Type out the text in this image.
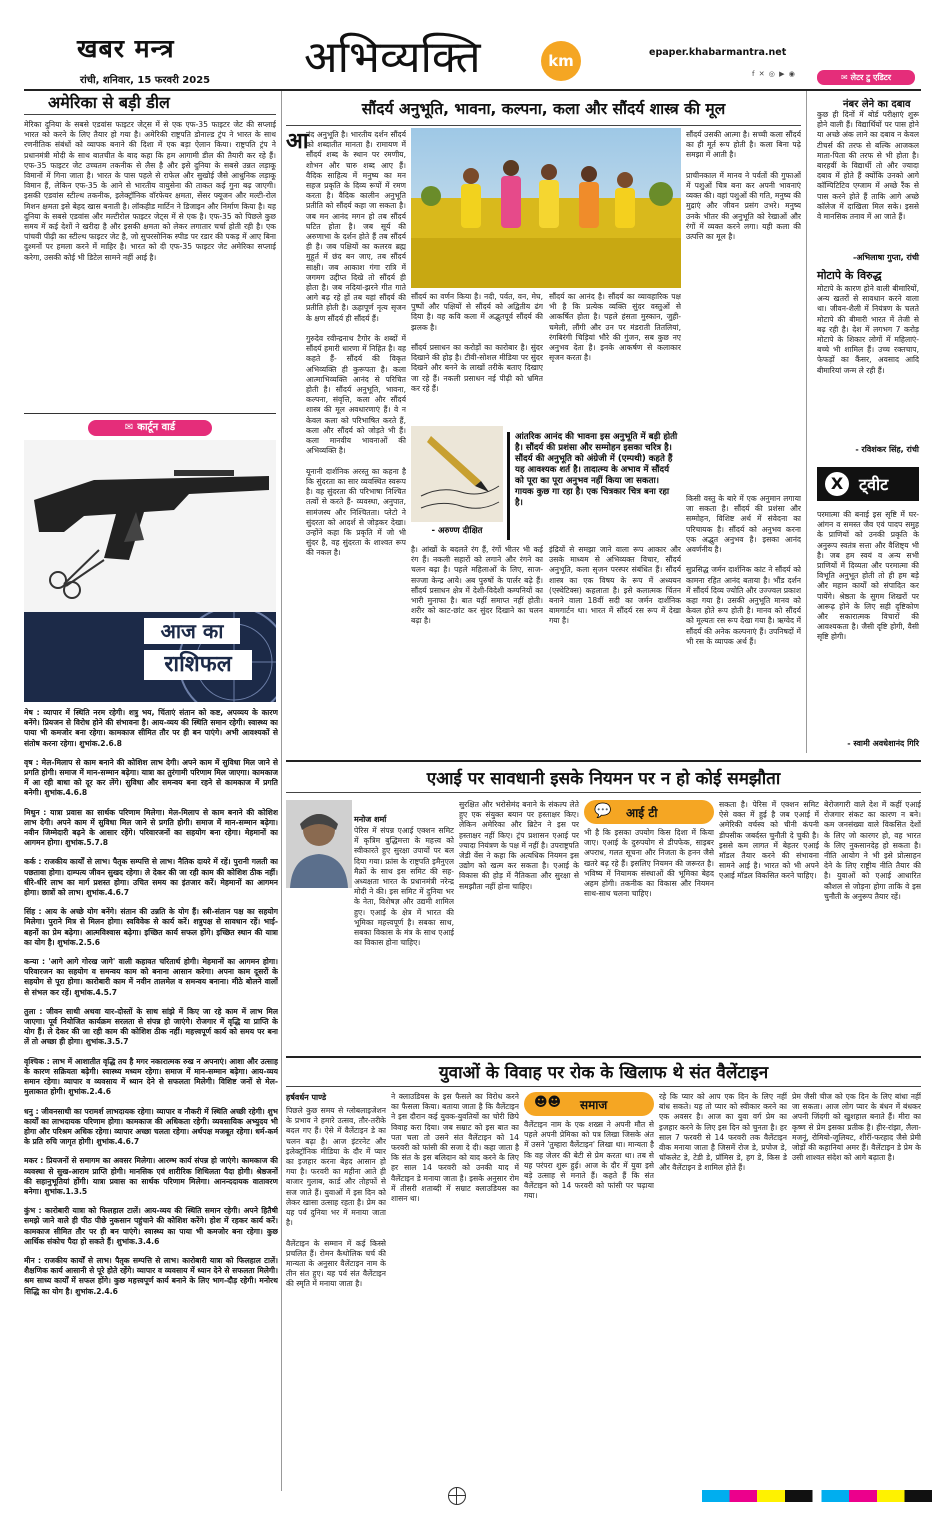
खबर मन्त्र	अभिव्यक्ति	km	epaper.khabarmantra.net
f ✕ ◎ ▶ ◉
रांची, शनिवार, 15 फरवरी 2025
अमेरिका से बड़ी डील
मेरिका दुनिया के सबसे एडवांस फाइटर जेट्स में से एक एफ-35 फाइटर जेट की सप्लाई भारत को करने के लिए तैयार हो गया है। अमेरिकी राष्ट्रपति डोनाल्ड ट्रंप ने भारत के साथ रणनीतिक संबंधों को व्यापक बनाने की दिशा में एक बड़ा ऐलान किया। राष्ट्रपति ट्रंप ने प्रधानमंत्री मोदी के साथ बातचीत के बाद कहा कि हम आगामी डील की तैयारी कर रहे हैं। एफ-35 फाइटर जेट उच्चतम तकनीक से लैस है और इसे दुनिया के सबसे उन्नत लड़ाकू विमानों में गिना जाता है। भारत के पास पहले से राफेल और सुखोई जैसे आधुनिक लड़ाकू विमान हैं, लेकिन एफ-35 के आने से भारतीय वायुसेना की ताकत कई गुना बढ़ जाएगी। इसकी एडवांस स्टील्थ तकनीक, इलेक्ट्रॉनिक वॉरफेयर क्षमता, सेंसर फ्यूजन और मल्टी-रोल मिशन क्षमता इसे बेहद खास बनाती है। लॉकहीड मार्टिन ने डिजाइन और निर्माण किया है। यह दुनिया के सबसे एडवांस और मल्टीरोल फाइटर जेट्स में से एक है। एफ-35 को पिछले कुछ समय में कई देशों ने खरीदा है और इसकी क्षमता को लेकर लगातार चर्चा होती रही है। एक पांचवी पीढ़ी का स्टील्थ फाइटर जेट है, जो सुपरसोनिक स्पीड पर रडार की पकड़ में आए बिना दुश्मनों पर हमला करने में माहिर है। भारत को दी एफ-35 फाइटर जेट अमेरिका सप्लाई करेगा, उसकी कोई भी डिटेल सामने नहीं आई है।
✉ कार्टून वार्ड
आज का
राशिफल
मेष : व्यापार में स्थिति नरम रहेगी। शत्रु भय, चिंताएं संतान को कष्ट, अपव्यय के कारण बनेंगे। प्रियजन से विरोध होने की संभावना है। आय-व्यय की स्थिति समान रहेगी। स्वास्थ्य का पाया भी कमजोर बना रहेगा। कामकाज सीमित तौर पर ही बन पाएंगे। अभी आवश्यकों से संतोष करना रहेगा। शुभांक.2.6.8
वृष : मेल-मिलाप से काम बनाने की कोशिश लाभ देगी। अपने काम में सुविधा मिल जाने से प्रगति होगी। समाज में मान-सम्मान बढ़ेगा। यात्रा का तुरंगामी परिणाम मिल जाएगा। कामकाज में आ रही बाधा को दूर कर लेंगे। सुविधा और समन्वय बना रहने से कामकाज में प्रगति बनेगी। शुभांक.4.6.8
मिथुन : यात्रा प्रवास का सार्थक परिणाम मिलेगा। मेल-मिलाप से काम बनाने की कोशिश लाभ देगी। अपने काम में सुविधा मिल जाने से प्रगति होगी। समाज में मान-सम्मान बढ़ेगा। नवीन जिम्मेदारी बढ़ने के आसार रहेंगे। परिवारजनों का सहयोग बना रहेगा। मेहमानों का आगमन होगा। शुभांक.5.7.8
कर्क : राजकीय कार्यों से लाभ। पैतृक सम्पत्ति से लाभ। नैतिक दायरे में रहें। पुरानी गलती का पछतावा होगा। दाम्पत्य जीवन सुखद रहेगा। ले देकर की जा रही काम की कोशिश ठीक नहीं। धीरे-धीरे लाभ का मार्ग प्रशस्त होगा। उचित समय का इंतजार करें। मेहमानों का आगमन होगा। छात्रों को लाभ। शुभांक.4.6.7
सिंह : आय के अच्छे योग बनेंगे। संतान की उन्नति के योग हैं। स्त्री-संतान पक्ष का सहयोग मिलेगा। पुराने मित्र से मिलन होगा। स्वविवेक से कार्य करें। शत्रुपक्ष से सावधान रहें। भाई-बहनों का प्रेम बढ़ेगा। आत्मविश्वास बढ़ेगा। इच्छित कार्य सफल होंगे। इच्छित स्थान की यात्रा का योग है। शुभांक.2.5.6
कन्या : 'आगे आगे गोरख जागे' वाली कहावत चरितार्थ होगी। मेहमानों का आगमन होगा। परिवारजन का सहयोग व समन्वय काम को बनाना आसान करेगा। अपना काम दूसरों के सहयोग से पूरा होगा। कारोबारी काम में नवीन तालमेल व समन्वय बनाना। मीठे बोलने वालों से संभल कर रहें। शुभांक.4.5.7
तुला : जीवन साथी अथवा यार-दोस्तों के साथ सांझे में किए जा रहे काम में लाभ मिल जाएगा। पूर्व नियोजित कार्यक्रम सरलता से संपन्न हो जाएंगे। रोजगार में वृद्धि या प्राप्ति के योग हैं। ले देकर की जा रही काम की कोशिश ठीक नहीं। महत्त्वपूर्ण कार्य को समय पर बना लें तो अच्छा ही होगा। शुभांक.3.5.7
वृश्चिक : लाभ में आशातीत वृद्धि तय है मगर नकारात्मक रुख न अपनाएं। आशा और उत्साह के कारण सक्रियता बढ़ेगी। स्वास्थ्य मध्यम रहेगा। समाज में मान-सम्मान बढ़ेगा। आय-व्यय समान रहेगा। व्यापार व व्यवसाय में ध्यान देने से सफलता मिलेगी। विशिष्ट जनों से मेल-मुलाकात होगी। शुभांक.2.4.6
धनु : जीवनसाथी का परामर्श लाभदायक रहेगा। व्यापार व नौकरी में स्थिति अच्छी रहेगी। शुभ कार्यों का लाभदायक परिणाम होगा। कामकाज की अधिकता रहेगी। व्यवसायिक अभ्युदय भी होगा और परिश्रम अधिक रहेगा। व्यापार अच्छा चलता रहेगा। अर्थपक्ष मजबूत रहेगा। धर्म-कर्म के प्रति रुचि जागृत होगी। शुभांक.4.6.7
मकर : प्रियजनों से समागम का अवसर मिलेगा। आरम्भ कार्य संपन्न हो जाएंगे। कामकाज की व्यवस्था से सुख-आराम प्राप्ति होगी। मानसिक एवं शारीरिक शिथिलता पैदा होगी। श्रेष्ठजनों की सहानुभूतियां होंगी। यात्रा प्रवास का सार्थक परिणाम मिलेगा। आनन्ददायक वातावरण बनेगा। शुभांक.1.3.5
कुंभ : कारोबारी यात्रा को फिलहाल टालें। आय-व्यय की स्थिति समान रहेगी। अपने हितैषी समझे जाने वाले ही पीठ पीछे नुकसान पहुंचाने की कोशिश करेंगे। होश में रहकर कार्य करें। कामकाज सीमित तौर पर ही बन पाएंगे। स्वास्थ्य का पाया भी कमजोर बना रहेगा। कुछ आर्थिक संकोच पैदा हो सकते हैं। शुभांक.3.4.6
मीन : राजकीय कार्यों से लाभ। पैतृक सम्पत्ति से लाभ। कारोबारी यात्रा को फिलहाल टालें। शैक्षणिक कार्य आसानी से पूरे होते रहेंगे। व्यापार व व्यवसाय में ध्यान देने से सफलता मिलेगी। श्रम साध्य कार्यों में सफल होंगे। कुछ महत्त्वपूर्ण कार्य बनाने के लिए भाग-दौड़ रहेगी। मनोरथ सिद्धि का योग है। शुभांक.2.4.6
सौंदर्य अनुभूति, भावना, कल्पना, कला और सौंदर्य शास्त्र की मूल
आ
नंद अनुभूति है। भारतीय दर्शन सौंदर्य को शब्दातीत मानता है। रामायण में सौंदर्य शब्द के स्थान पर रमणीय, शोभन और चारु शब्द आए हैं। वैदिक साहित्य में मनुष्य का मन सहज प्रकृति के दिव्य रूपों में रमण करता है। वैदिक कालीन अनुभूति प्रतीति को सौंदर्य कहा जा सकता है। जब मन आनंद मगन हो तब सौंदर्य घटित होता है। जब सूर्य की अरुणाभा के दर्शन होते हैं तब सौंदर्य ही है। जब पक्षियों का कलरव ब्रह्म मुहूर्त में छंद बन जाए, तब सौंदर्य साक्षी। जब आकाश गंगा रात्रि में जगमग उद्दीप्त दिखे तो सौंदर्य ही होता है। जब नदियां-झरने गीत गाते आगे बढ़ रहे हों तब यहां सौंदर्य की प्रतीति होती है। ऊहापूर्ण नृत्य सृजन के क्षण सौंदर्य ही सौंदर्य हैं।

गुरुदेव रवीन्द्रनाथ टैगोर के शब्दों में सौंदर्य हमारी धारणा में निहित है। वह कहते हैं- सौंदर्य की विकृत अभिव्यक्ति ही कुरूपता है। कला आत्माभिव्यक्ति आनंद से परिचित होती है। सौंदर्य अनुभूति, भावना, कल्पना, संवृत्ति, कला और सौंदर्य शास्त्र की मूल अवधारणाएं हैं। वे न केवल कला को परिभाषित करते हैं, कला और सौंदर्य को जोड़ते भी हैं। कला मानवीय भावनाओं की अभिव्यक्ति है।

यूनानी दार्शनिक अरस्तु का कहना है कि सुंदरता का सार व्यवस्थित स्वरूप है। वह सुंदरता की परिभाषा निश्चित तत्वों से करते हैं- व्यवस्था, अनुपात, सामंजस्य और निश्चितता। प्लेटो ने सुंदरता को आदर्श से जोड़कर देखा। उन्होंने कहा कि प्रकृति में जो भी सुंदर है, वह सुंदरता के शाश्वत रूप की नकल है।
सौंदर्य का वर्णन किया है। नदी, पर्वत, वन, मेघ, पुष्पों और पक्षियों से सौंदर्य को अद्वितीय ढंग दिया है। वह कवि कला में अद्भुतपूर्व सौंदर्य की झलक है।

सौंदर्य प्रसाधन का करोड़ों का कारोबार है। सुंदर दिखाने की होड़ है। टीवी-सोशल मीडिया पर सुंदर दिखने और बनने के लाखों तरीके बताए दिखाए जा रहे हैं। नकली प्रसाधन नई पीढ़ी को भ्रमित कर रहे हैं।
सौंदर्य का आनंद है। सौंदर्य का व्यावहारिक पक्ष भी है कि प्रत्येक व्यक्ति सुंदर वस्तुओं से आकर्षित होता है। पहले हंसता मुस्कान, जुही-चमेली, लौंगी और उन पर मंडराती तितलियां, रंगबिरंगी चिड़ियां भौरे की गुंजन, सब कुछ नए अनुभव देता है। इनके आकर्षण से कलाकार सृजन करता है।
- अरुण्ण दीक्षित
आंतरिक आनंद की भावना इस अनुभूति में बड़ी होती है। सौंदर्य की प्रशंसा और सम्मोहन इसका चरित्र है। सौंदर्य की अनुभूति को अंग्रेजी में (एम्पथी) कहते हैं यह आवश्यक शर्त है। तादात्म्य के अभाव में सौंदर्य को पूरा का पूरा अनुभव नहीं किया जा सकता। गायक कुछ गा रहा है। एक चित्रकार चित्र बना रहा है।
है। आंखों के बदलते रंग हैं, रंगों भीतर भी कई रंग हैं। नकली सहारों को लगाने और रंगने का चलन बढ़ा है। पहले महिलाओं के लिए, साज-सज्जा केन्द्र आये। अब पुरुषों के पार्लर बढ़े हैं। सौंदर्य प्रसाधन क्षेत्र में देशी-विदेशी कम्पनियों का भारी मुनाफा है। बात यहीं समाप्त नहीं होती। शरीर को काट-छांट कर सुंदर दिखाने का चलन बढ़ा है।
इंद्रियों से समझा जाने वाला रूप आकार और उसके माध्यम से अभिव्यक्त विचार, सौंदर्य अनुभूति, कला सृजन परस्पर संबंधित हैं। सौंदर्य शास्त्र का एक विषय के रूप में अध्ययन (एस्थेटिक्स) कहलाता है। इसे कलात्मक चिंतन बनाने वाला 18वीं सदी का जर्मन दार्शनिक बामगार्टन था। भारत में सौंदर्य रस रूप में देखा गया है।
सौंदर्य उसकी आत्मा है। सच्ची कला सौंदर्य का ही मूर्त रूप होती है। कला बिना पढ़े समझा में आती है।

प्राचीनकाल में मानव ने पर्वतों की गुफाओं में पशुओं चित्र बना कर अपनी भावनाएं व्यक्त की। वहां पशुओं की गति, मनुष्य की मुद्राएं और जीवन प्रसंग उभरे। मनुष्य उनके भीतर की अनुभूति को रेखाओं और रंगों में व्यक्त करने लगा। यही कला की उत्पत्ति का मूल है।
किसी वस्तु के बारे में एक अनुमान लगाया जा सकता है। सौंदर्य की प्रशंसा और सम्मोहन, विशिष्ट अर्थ में संवेदना का परिचायक है। सौंदर्य को अनुभव करना एक अद्भुत अनुभव है। इसका आनंद अवर्णनीय है।

सुप्रसिद्ध जर्मन दार्शनिक कांट ने सौंदर्य को कामना रहित आनंद बताया है। भौंड दर्शन में सौंदर्य दिव्य ज्योति और उज्ज्वल प्रकाश कहा गया है। उसकी अनुभूति मानव को केवल होते रूप होती है। मानव को सौंदर्य को मूल्यतः रस रूप देखा गया है। ऋग्वेद में सौंदर्य की अनेक कल्पनाएं हैं। उपनिषदों में भी रस के व्यापक अर्थ हैं।
✉ लेटर टु एडिटर
नंबर लेने का दबाव
कुछ ही दिनों में बोर्ड परीक्षाएं शुरू होने वाली हैं। विद्यार्थियों पर पास होने या अच्छे अंक लाने का दबाव न केवल टीचर्स की तरफ से बल्कि आजकल माता-पिता की तरफ से भी होता है। बारहवीं के विद्यार्थी तो और ज्यादा दबाव में होते हैं क्योंकि उनको आगे कॉम्पिटिटिव एग्जाम में अच्छे रैंक से पास करने होते हैं ताकि आगे अच्छे कॉलेज में दाखिला मिल सके। इससे वे मानसिक तनाव में आ जाते हैं।
-अभिलाषा गुप्ता, रांची
मोटापे के विरुद्ध
मोटापे के कारण होने वाली बीमारियों, अन्य खतरों से सावधान करने वाला था। जीवन-शैली में नियंत्रण के चलते मोटापे की बीमारी भारत में तेजी से बढ़ रही है। देश में लगभग 7 करोड़ मोटापे के शिकार लोगों में महिलाएं-बच्चे भी शामिल हैं। उच्च रक्तचाप, फेफड़ों का कैंसर, अवसाद आदि बीमारियां जन्म ले रही हैं।
- रविशंकर सिंह, रांची
X ट्वीट
परमात्मा की बनाई इस सृष्टि में घर-आंगन व समस्त जैव एवं पादप समुह के प्राणियों को उनकी प्रकृति के अनुरूप स्वतंत्र सत्ता और वैशिष्ट्य भी है। जब हम स्वयं व अन्य सभी प्राणियों में दिव्यता और परमात्मा की विभूति अनुभूत होती तो ही हम बड़े और महान कार्यों को संपादित कर पायेंगे। श्रेष्ठता के सुगम शिखरों पर आरूढ़ होने के लिए सही दृष्टिकोण और सकारात्मक विचारों की आवश्यकता है। जैसी दृष्टि होगी, वैसी सृष्टि होगी।
- स्वामी अवधेशानंद गिरि
एआई पर सावधानी इसके नियमन पर न हो कोई समझौता
मनोज शर्मा
पेरिस में संपन्न एआई एक्शन समिट में कृत्रिम बुद्धिमत्ता के महत्त्व को स्वीकारते हुए सुरक्षा उपायों पर बल दिया गया। फ्रांस के राष्ट्रपति इमैनुएल मैक्रों के साथ इस समिट की सह-अध्यक्षता भारत के प्रधानमंत्री नरेन्द्र मोदी ने की। इस समिट में दुनिया भर के नेता, विशेषज्ञ और उद्यमी शामिल हुए। एआई के क्षेत्र में भारत की भूमिका महत्त्वपूर्ण है। सबका साथ, सबका विकास के मंत्र के साथ एआई का विकास होना चाहिए।
सुरक्षित और भरोसेमंद बनाने के संकल्प लेते हुए एक संयुक्त बयान पर हस्ताक्षर किए। लेकिन अमेरिका और ब्रिटेन ने इस पर हस्ताक्षर नहीं किए। ट्रंप प्रशासन एआई पर ज्यादा नियंत्रण के पक्ष में नहीं है। उपराष्ट्रपति जेडी वेंस ने कहा कि अत्यधिक नियमन इस उद्योग को खत्म कर सकता है। एआई के विकास की होड़ में नैतिकता और सुरक्षा से समझौता नहीं होना चाहिए।
💬 आई टी
भी है कि इसका उपयोग किस दिशा में किया जाए। एआई के दुरुपयोग से डीपफेक, साइबर अपराध, गलत सूचना और निजता के हनन जैसे खतरे बढ़ रहे हैं। इसलिए नियमन की जरूरत है। भविष्य में नियामक संस्थाओं की भूमिका बेहद अहम होगी। तकनीक का विकास और नियमन साथ-साथ चलना चाहिए।
सकता है। पेरिस में एक्शन समिट ऐसे वक्त में हुई है जब एआई में अमेरिकी वर्चस्व को चीनी कंपनी डीपसीक जबर्दस्त चुनौती दे चुकी है। इससे कम लागत में बेहतर एआई मॉडल तैयार करने की संभावना सामने आई है। भारत को भी अपने एआई मॉडल विकसित करने चाहिए।
बेरोजगारी वाले देश में कहीं एआई रोजगार संकट का कारण न बने। कम जनसंख्या वाले विकसित देशों के लिए जो कारगर हो, वह भारत के लिए नुकसानदेह हो सकता है। नीति आयोग ने भी इसे प्रोत्साहन देने के लिए राष्ट्रीय नीति तैयार की है। युवाओं को एआई आधारित कौशल से जोड़ना होगा ताकि वे इस चुनौती के अनुरूप तैयार रहें।
युवाओं के विवाह पर रोक के खिलाफ थे संत वैलेंटाइन
हर्षवर्धन पाण्डे
पिछले कुछ समय से ग्लोबलाइजेशन के प्रभाव ने हमारे उत्सव, तौर-तरीके बदल गए हैं। ऐसे में वैलेंटाइन डे का चलन बढ़ा है। आज इंटरनेट और इलेक्ट्रॉनिक मीडिया के दौर में प्यार का इजहार करना बेहद आसान हो गया है। फरवरी का महीना आते ही बाजार गुलाब, कार्ड और तोहफों से सज जाते हैं। युवाओं में इस दिन को लेकर खासा उत्साह रहता है। प्रेम का यह पर्व दुनिया भर में मनाया जाता है।

वैलेंटाइन के सम्मान में कई किस्से प्रचलित हैं। रोमन कैथोलिक चर्च की मान्यता के अनुसार वैलेंटाइन नाम के तीन संत हुए। यह पर्व संत वैलेंटाइन की स्मृति में मनाया जाता है।
ने क्लाउडियस के इस फैसले का विरोध करने का फैसला किया। बताया जाता है कि वैलेंटाइन ने इस दौरान कई युवक-युवतियों का चोरी छिपे विवाह करा दिया। जब सम्राट को इस बात का पता चला तो उसने संत वैलेंटाइन को 14 फरवरी को फांसी की सजा दे दी। कहा जाता है कि संत के इस बलिदान को याद करने के लिए हर साल 14 फरवरी को उनकी याद में वैलेंटाइन डे मनाया जाता है। इसके अनुसार रोम में तीसरी शताब्दी में सम्राट क्लाउडियस का शासन था।
☻☻ समाज
वैलेंटाइन नाम के एक शख्स ने अपनी मौत से पहले अपनी प्रेमिका को पत्र लिखा जिसके अंत में उसने 'तुम्हारा वैलेंटाइन' लिखा था। मान्यता है कि वह जेलर की बेटी से प्रेम करता था। तब से यह परंपरा शुरू हुई। आज के दौर में युवा इसे बड़े उत्साह से मनाते हैं। कहते हैं कि संत वैलेंटाइन को 14 फरवरी को फांसी पर चढ़ाया गया।
रहे कि प्यार को आप एक दिन के लिए नहीं बांध सकते। यह तो प्यार को स्वीकार करने का एक अवसर है। आज का युवा वर्ग प्रेम का इजहार करने के लिए इस दिन को चुनता है। हर साल 7 फरवरी से 14 फरवरी तक वैलेंटाइन वीक मनाया जाता है जिसमें रोज डे, प्रपोज डे, चॉकलेट डे, टेडी डे, प्रॉमिस डे, हग डे, किस डे और वैलेंटाइन डे शामिल होते हैं।
प्रेम जैसी चीज को एक दिन के लिए बांधा नहीं जा सकता। आज लोग प्यार के बंधन में बंधकर अपनी जिंदगी को खुशहाल बनाते हैं। मीरा का कृष्ण से प्रेम इसका प्रतीक है। हीर-रांझा, लैला-मजनूं, रोमियो-जूलियट, शीरीं-फरहाद जैसे प्रेमी जोड़ों की कहानियां अमर हैं। वैलेंटाइन डे प्रेम के उसी शाश्वत संदेश को आगे बढ़ाता है।
